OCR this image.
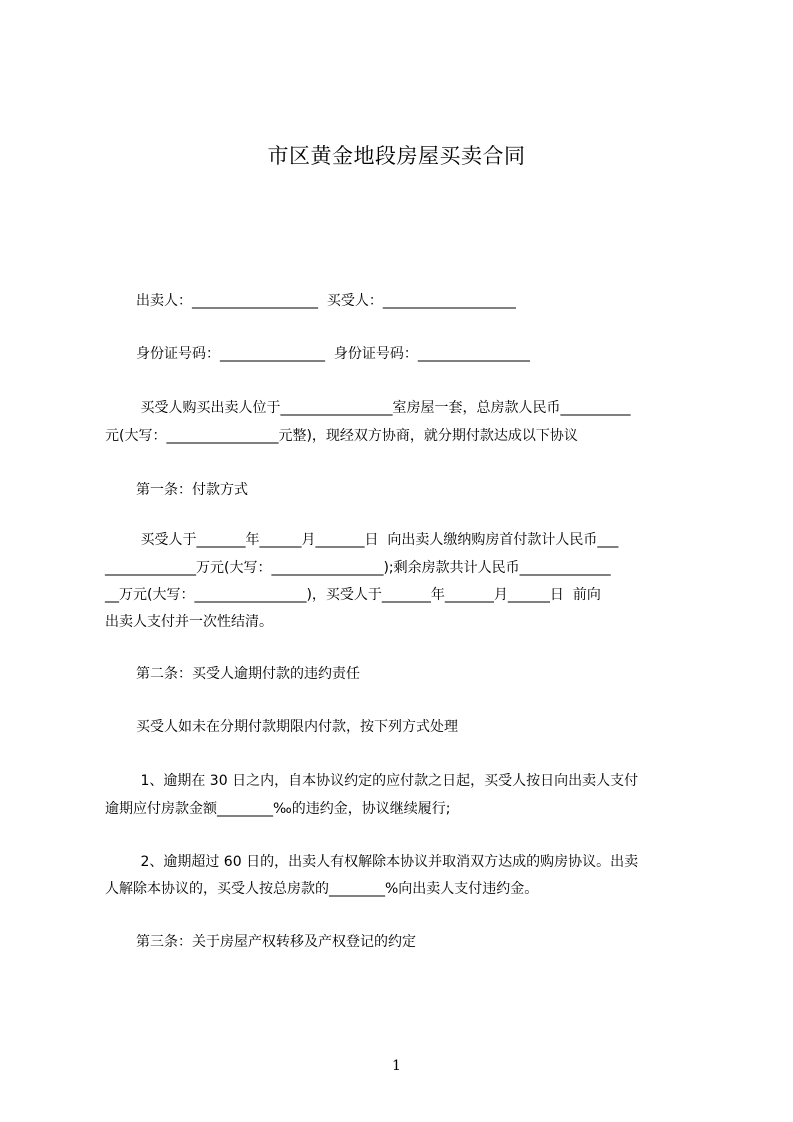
市区黄金地段房屋买卖合同
出卖人：__________________  买受人：___________________
身份证号码：_______________  身份证号码：________________
买受人购买出卖人位于________________室房屋一套，总房款人民币__________
元(大写：________________元整)，现经双方协商，就分期付款达成以下协议
第一条：付款方式
买受人于_______年______月_______日  向出卖人缴纳购房首付款计人民币___
_____________万元(大写：________________);剩余房款共计人民币_____________
__万元(大写：________________)，买受人于_______年_______月______日  前向
出卖人支付并一次性结清。
第二条：买受人逾期付款的违约责任
买受人如未在分期付款期限内付款，按下列方式处理
1、逾期在 30 日之内，自本协议约定的应付款之日起，买受人按日向出卖人支付
逾期应付房款金额________‰的违约金，协议继续履行;
2、逾期超过 60 日的，出卖人有权解除本协议并取消双方达成的购房协议。出卖
人解除本协议的，买受人按总房款的________%向出卖人支付违约金。
第三条：关于房屋产权转移及产权登记的约定
1
